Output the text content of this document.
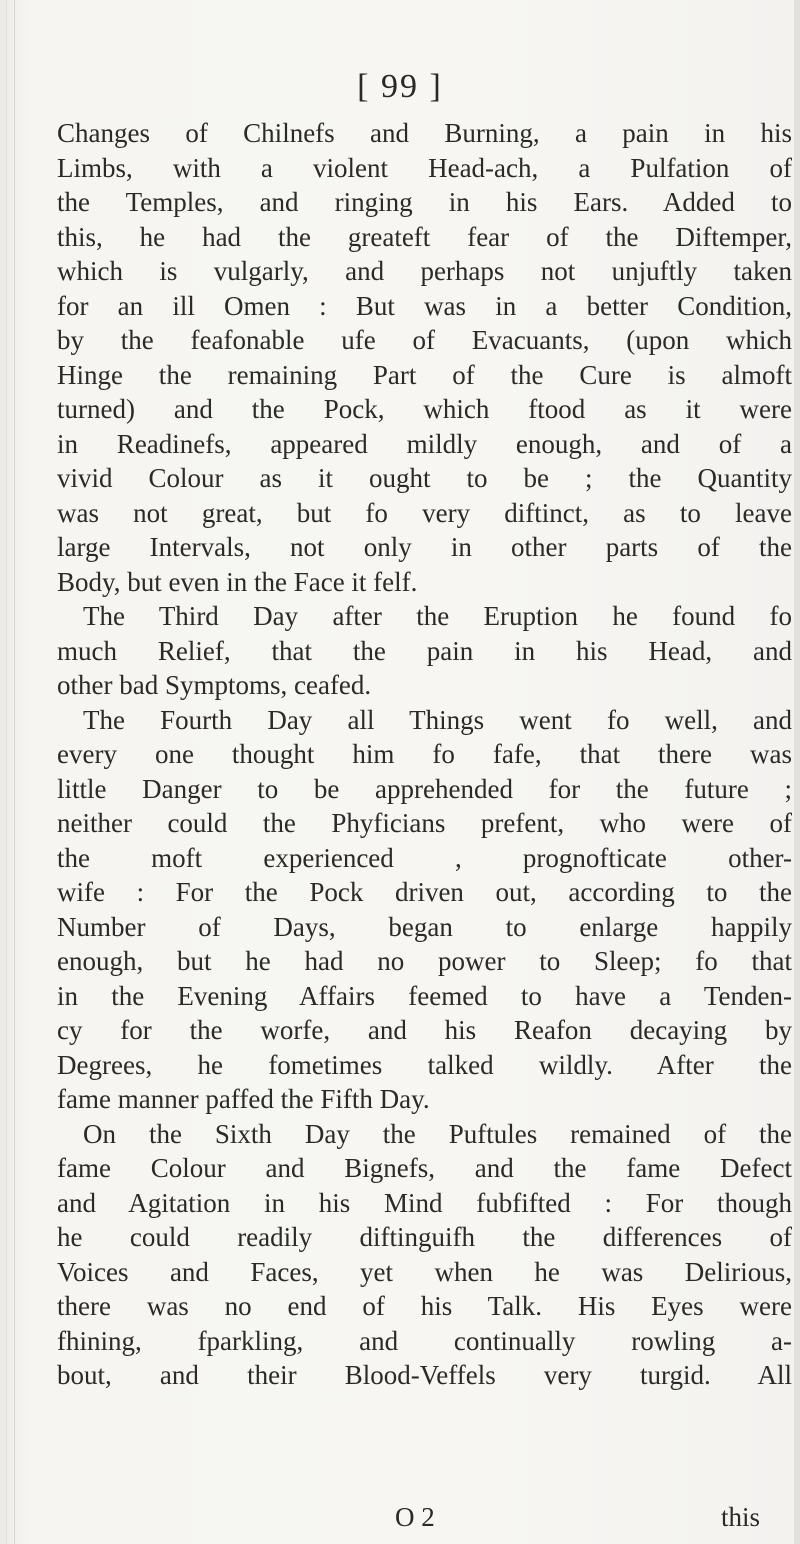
[ 99 ]
Changes of Chilnefs and Burning, a pain in his
Limbs, with a violent Head-ach, a Pulfation of
the Temples, and ringing in his Ears. Added to
this, he had the greateft fear of the Diftemper,
which is vulgarly, and perhaps not unjuftly taken
for an ill Omen : But was in a better Condition,
by the feafonable ufe of Evacuants, (upon which
Hinge the remaining Part of the Cure is almoft
turned) and the Pock, which ftood as it were
in Readinefs, appeared mildly enough, and of a
vivid Colour as it ought to be ; the Quantity
was not great, but fo very diftinct, as to leave
large Intervals, not only in other parts of the
Body, but even in the Face it felf.
The Third Day after the Eruption he found fo
much Relief, that the pain in his Head, and
other bad Symptoms, ceafed.
The Fourth Day all Things went fo well, and
every one thought him fo fafe, that there was
little Danger to be apprehended for the future ;
neither could the Phyficians prefent, who were of
the moft experienced , prognofticate other-
wife : For the Pock driven out, according to the
Number of Days, began to enlarge happily
enough, but he had no power to Sleep; fo that
in the Evening Affairs feemed to have a Tenden-
cy for the worfe, and his Reafon decaying by
Degrees, he fometimes talked wildly. After the
fame manner paffed the Fifth Day.
On the Sixth Day the Puftules remained of the
fame Colour and Bignefs, and the fame Defect
and Agitation in his Mind fubfifted : For though
he could readily diftinguifh the differences of
Voices and Faces, yet when he was Delirious,
there was no end of his Talk. His Eyes were
fhining, fparkling, and continually rowling a-
bout, and their Blood-Veffels very turgid. All
O 2	this
